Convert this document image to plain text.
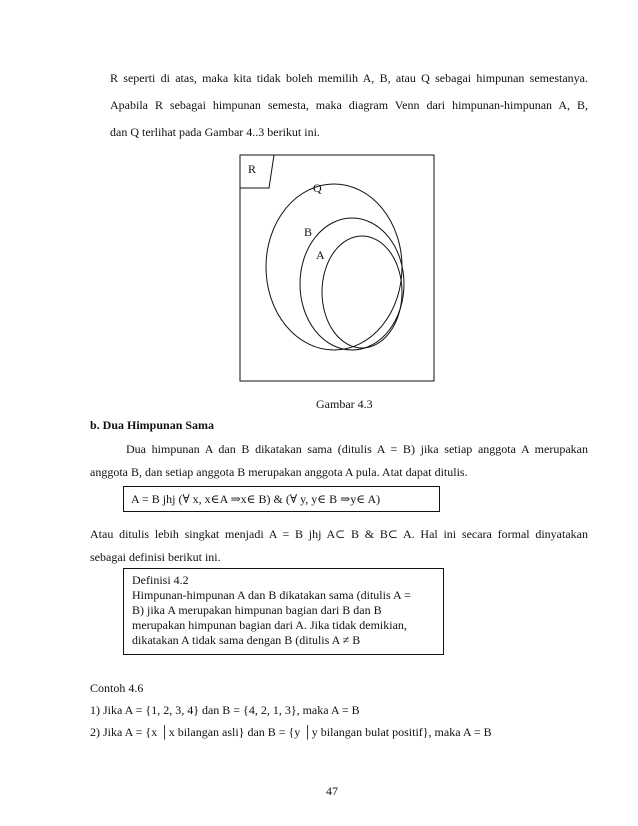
R seperti di atas, maka kita tidak boleh memilih A, B, atau Q sebagai himpunan semestanya.
Apabila R sebagai himpunan semesta, maka diagram Venn dari himpunan-himpunan A, B,
dan Q terlihat pada Gambar 4..3 berikut ini.
R
Q
B
A
Gambar 4.3
b. Dua Himpunan Sama
Dua himpunan A dan B dikatakan sama (ditulis A = B) jika setiap anggota A merupakan
anggota B, dan setiap anggota B merupakan anggota A pula. Atat dapat ditulis.
A = B jhj (∀ x, x∈A ⇒x∈ B) & (∀ y, y∈ B ⇒y∈ A)
Atau ditulis lebih singkat menjadi A = B jhj A⊂ B & B⊂ A. Hal ini secara formal dinyatakan
sebagai definisi berikut ini.
Definisi 4.2
Himpunan-himpunan A dan B dikatakan sama (ditulis A =
B) jika A merupakan himpunan bagian dari B dan B
merupakan himpunan bagian dari A. Jika tidak demikian,
dikatakan A tidak sama dengan B (ditulis A ≠ B
Contoh 4.6
1) Jika A = {1, 2, 3, 4} dan B = {4, 2, 1, 3}, maka A = B
2) Jika A = {x │x bilangan asli} dan B = {y │y bilangan bulat positif}, maka A = B
47
